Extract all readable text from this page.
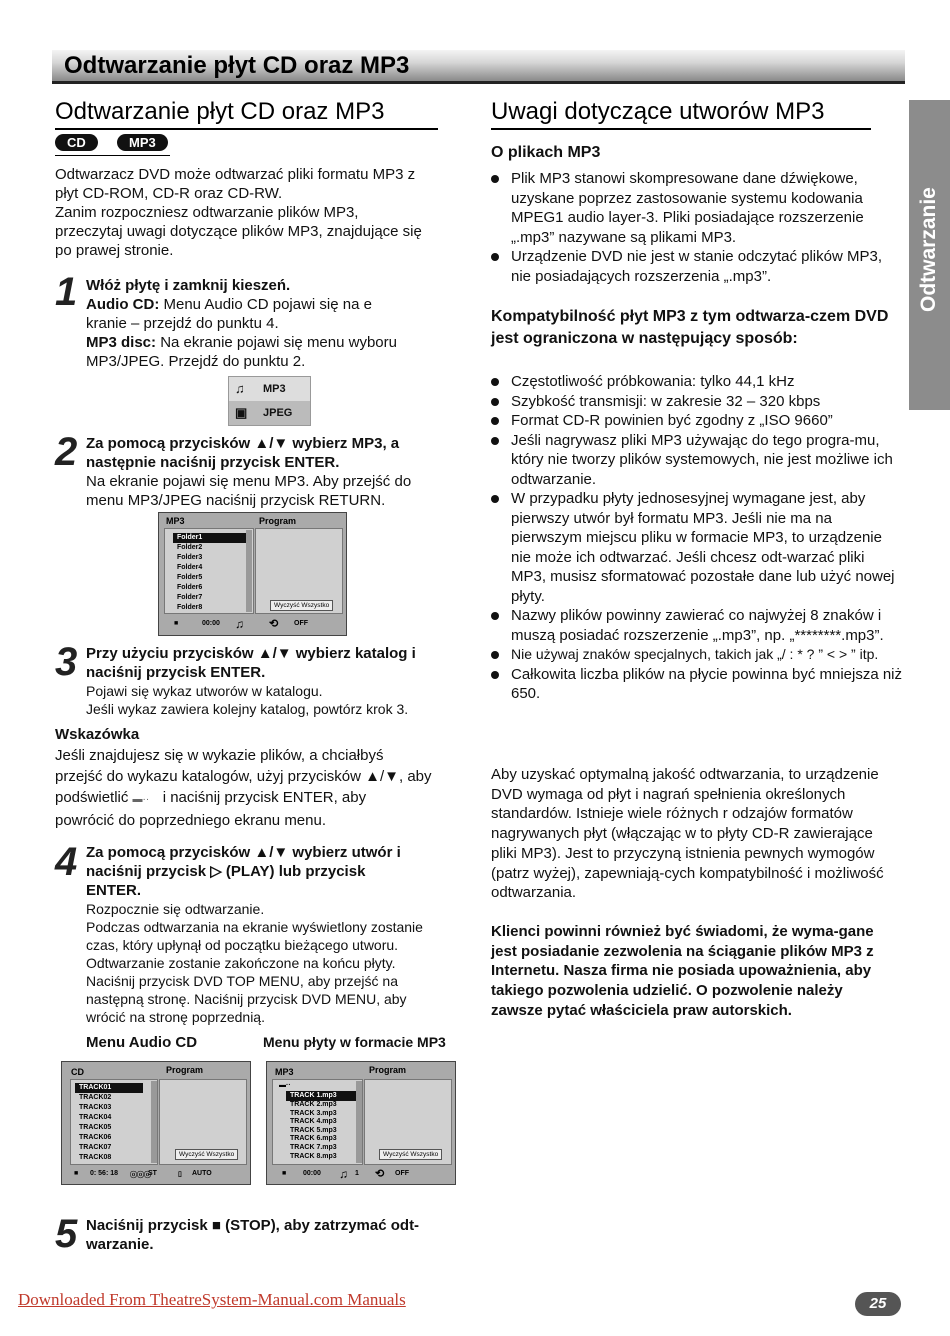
Odtwarzanie płyt CD oraz MP3
Odtwarzanie
Odtwarzanie płyt CD oraz MP3
CD	MP3
Odtwarzacz DVD może odtwarzać pliki formatu MP3 z
płyt CD-ROM, CD-R oraz CD-RW.
Zanim rozpoczniesz odtwarzanie plików MP3,
przeczytaj uwagi dotyczące plików MP3, znajdujące się
po prawej stronie.
1 Włóż płytę i zamknij kieszeń.
Audio CD: Menu Audio CD pojawi się na e
kranie – przejdź do punktu 4.
MP3 disc: Na ekranie pojawi się menu wyboru
MP3/JPEG. Przejdź do punktu 2.
♫ MP3
▣ JPEG
2 Za pomocą przycisków ▲/▼ wybierz MP3, a
następnie naciśnij przycisk ENTER.
Na ekranie pojawi się menu MP3. Aby przejść do
menu MP3/JPEG naciśnij przycisk RETURN.
MP3	Program
Folder1
Folder2
Folder3
Folder4
Folder5
Folder6
Folder7
Folder8	Wyczyść Wszystko
■	00:00 ♫ ⟲ OFF
3 Przy użyciu przycisków ▲/▼ wybierz katalog i
naciśnij przycisk ENTER.
Pojawi się wykaz utworów w katalogu.
Jeśli wykaz zawiera kolejny katalog, powtórz krok 3.
Wskazówka
Jeśli znajdujesz się w wykazie plików, a chciałbyś
przejść do wykazu katalogów, użyj przycisków ▲/▼, aby
podświetlić ▬·· i naciśnij przycisk ENTER, aby
powrócić do poprzedniego ekranu menu.
4 Za pomocą przycisków ▲/▼ wybierz utwór i
naciśnij przycisk ▷ (PLAY) lub przycisk
ENTER.
Rozpocznie się odtwarzanie.
Podczas odtwarzania na ekranie wyświetlony zostanie
czas, który upłynął od początku bieżącego utworu.
Odtwarzanie zostanie zakończone na końcu płyty.
Naciśnij przycisk DVD TOP MENU, aby przejść na
następną stronę. Naciśnij przycisk DVD MENU, aby
wrócić na stronę poprzednią.
Menu Audio CD	Menu płyty w formacie MP3
CD	Program
TRACK01
TRACK02
TRACK03
TRACK04
TRACK05
TRACK06
TRACK07
TRACK08	Wyczyść Wszystko
■ 0: 56: 18 ⓞⓞⓞ
ST	▯ AUTO
MP3	Program
▬··
TRACK 1.mp3
TRACK 2.mp3
TRACK 3.mp3
TRACK 4.mp3
TRACK 5.mp3
TRACK 6.mp3
TRACK 7.mp3
TRACK 8.mp3	Wyczyść Wszystko
■ 00:00 ♫ 1 ⟲ OFF
5 Naciśnij przycisk ■ (STOP), aby zatrzymać odt-
warzanie.
Uwagi dotyczące utworów MP3
O plikach MP3
Plik MP3 stanowi skompresowane dane dźwiękowe, uzyskane poprzez zastosowanie systemu kodowania MPEG1 audio layer-3. Pliki posiadające rozszerzenie „.mp3” nazywane są plikami MP3.
Urządzenie DVD nie jest w stanie odczytać plików MP3, nie posiadających rozszerzenia „.mp3”.
Kompatybilność płyt MP3 z tym odtwarza-czem DVD jest ograniczona w następujący sposób:
Częstotliwość próbkowania: tylko 44,1 kHz
Szybkość transmisji: w zakresie 32 – 320 kbps
Format CD-R powinien być zgodny z „ISO 9660”
Jeśli nagrywasz pliki MP3 używając do tego progra-mu, który nie tworzy plików systemowych, nie jest możliwe ich odtwarzanie.
W przypadku płyty jednosesyjnej wymagane jest, aby pierwszy utwór był formatu MP3. Jeśli nie ma na pierwszym miejscu pliku w formacie MP3, to urządzenie nie może ich odtwarzać. Jeśli chcesz odt-warzać pliki MP3, musisz sformatować pozostałe dane lub użyć nowej płyty.
Nazwy plików powinny zawierać co najwyżej 8 znaków i muszą posiadać rozszerzenie „.mp3”, np. „********.mp3”.
Nie używaj znaków specjalnych, takich jak „/ : * ? ” < > ” itp.
Całkowita liczba plików na płycie powinna być mniejsza niż 650.
Aby uzyskać optymalną jakość odtwarzania, to urządzenie DVD wymaga od płyt i nagrań spełnienia określonych standardów. Istnieje wiele różnych r odzajów formatów nagrywanych płyt (włączając w to płyty CD-R zawierające pliki MP3). Jest to przyczyną istnienia pewnych wymogów (patrz wyżej), zapewniają-cych kompatybilność i możliwość odtwarzania.
Klienci powinni również być świadomi, że wyma-gane jest posiadanie zezwolenia na ściąganie plików MP3 z Internetu. Nasza firma nie posiada upoważnienia, aby takiego pozwolenia udzielić. O pozwolenie należy zawsze pytać właściciela praw autorskich.
Downloaded From TheatreSystem-Manual.com Manuals	25
